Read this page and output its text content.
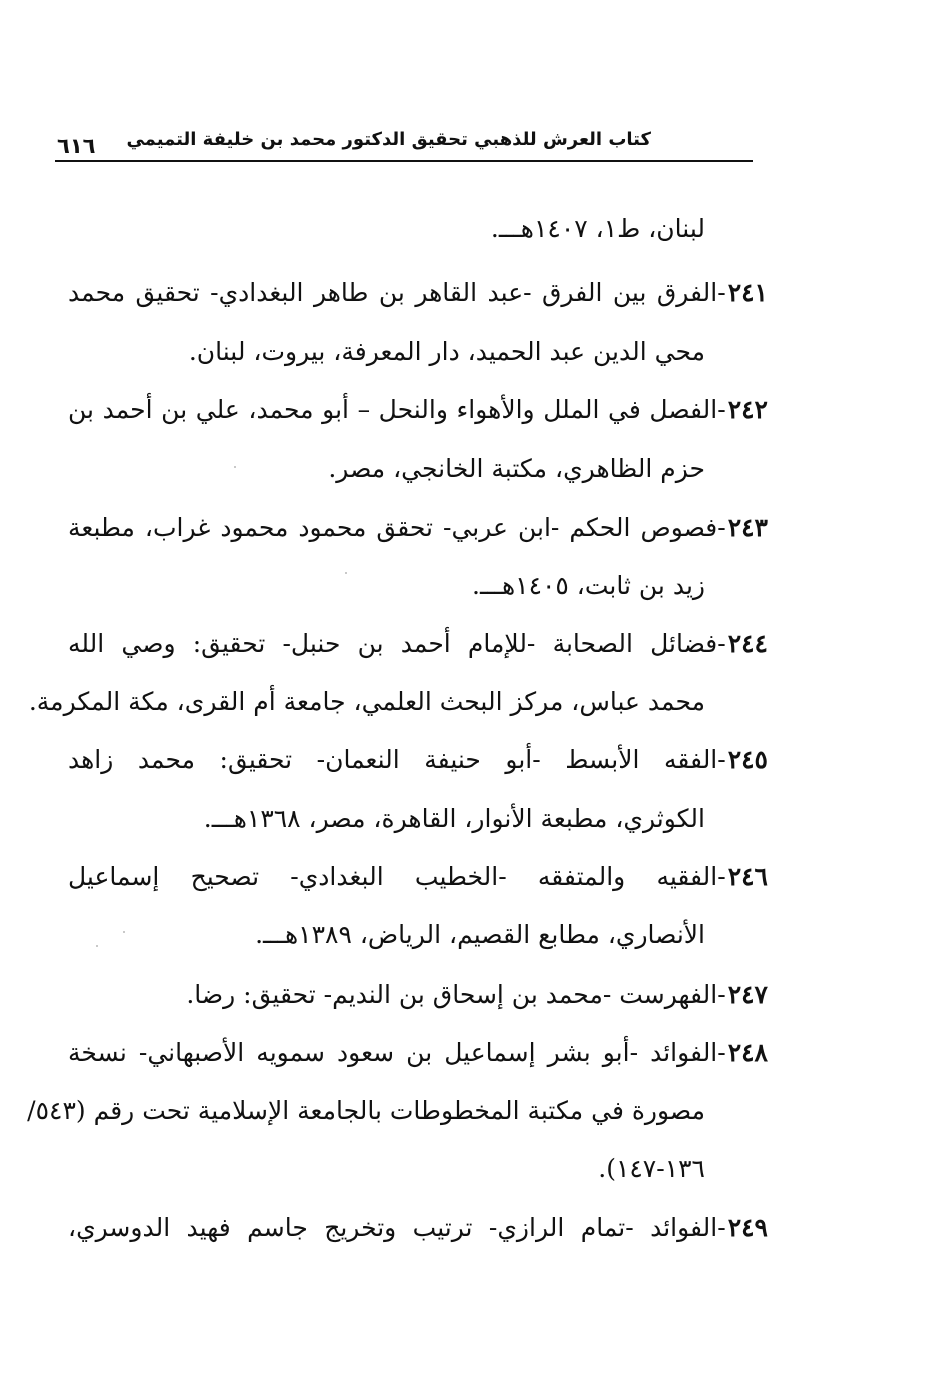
كتاب العرش للذهبي تحقيق الدكتور محمد بن خليفة التميمي
٦١٦
لبنان، ط١، ١٤٠٧هـــ.
٢٤١-الفرق بين الفرق -عبد القاهر بن طاهر البغدادي- تحقيق محمد
محي الدين عبد الحميد، دار المعرفة، بيروت، لبنان.
٢٤٢-الفصل في الملل والأهواء والنحل – أبو محمد، علي بن أحمد بن
حزم الظاهري، مكتبة الخانجي، مصر.
٢٤٣-فصوص الحكم -ابن عربي- تحقق محمود محمود غراب، مطبعة
زيد بن ثابت، ١٤٠٥هـــ.
٢٤٤-فضائل الصحابة -للإمام أحمد بن حنبل- تحقيق: وصي الله
محمد عباس، مركز البحث العلمي، جامعة أم القرى، مكة المكرمة.
٢٤٥-الفقه الأبسط -أبو حنيفة النعمان- تحقيق: محمد زاهد
الكوثري، مطبعة الأنوار، القاهرة، مصر، ١٣٦٨هـــ.
٢٤٦-الفقيه والمتفقه -الخطيب البغدادي- تصحيح إسماعيل
الأنصاري، مطابع القصيم، الرياض، ١٣٨٩هـــ.
٢٤٧-الفهرست -محمد بن إسحاق بن النديم- تحقيق: رضا.
٢٤٨-الفوائد -أبو بشر إسماعيل بن سعود سمويه الأصبهاني- نسخة
مصورة في مكتبة المخطوطات بالجامعة الإسلامية تحت رقم (٥٤٣/
١٣٦-١٤٧).
٢٤٩-الفوائد -تمام الرازي- ترتيب وتخريج جاسم فهيد الدوسري،
